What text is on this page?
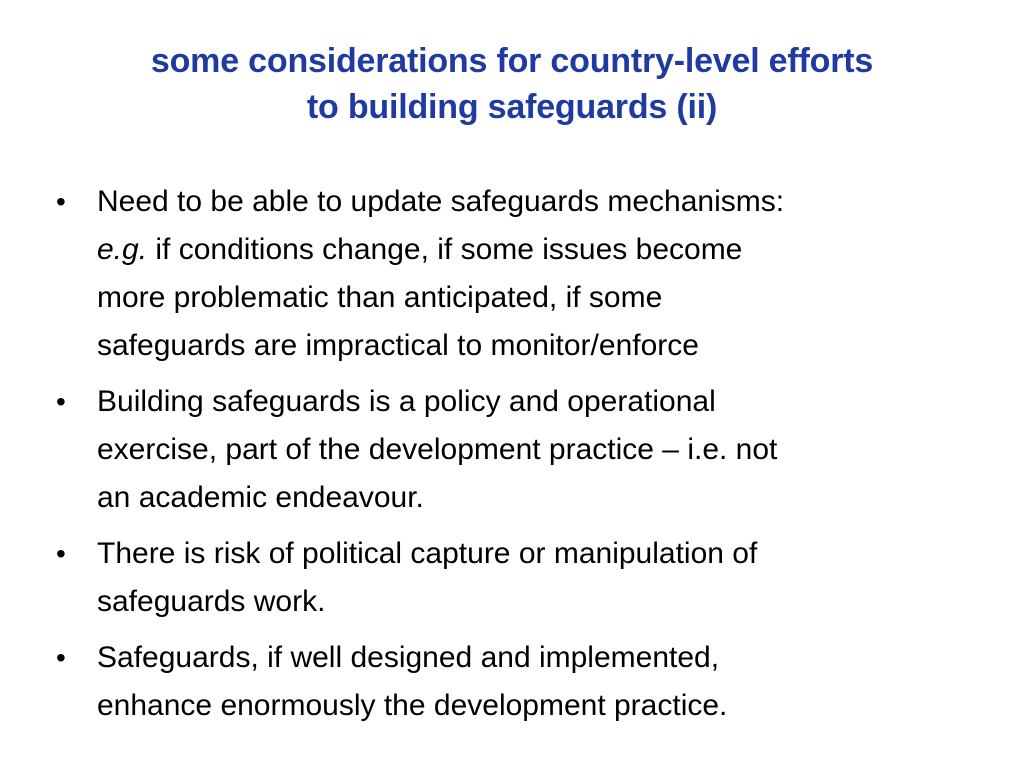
some considerations for country-level efforts
to building safeguards (ii)
• Need to be able to update safeguards mechanisms:
e.g. if conditions change, if some issues become
more problematic than anticipated, if some
safeguards are impractical to monitor/enforce
• Building safeguards is a policy and operational
exercise, part of the development practice – i.e. not
an academic endeavour.
• There is risk of political capture or manipulation of
safeguards work.
• Safeguards, if well designed and implemented,
enhance enormously the development practice.
